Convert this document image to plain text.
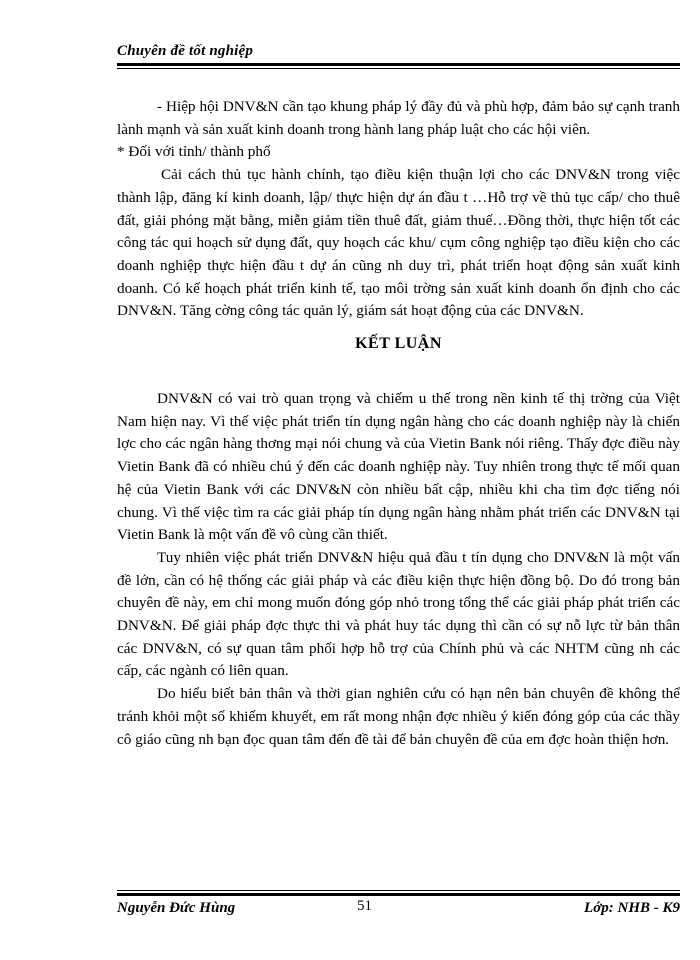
Chuyên đề tốt nghiệp

- Hiệp hội DNV&N cần tạo khung pháp lý đầy đủ và phù hợp, đảm bảo sự cạnh tranh lành mạnh và sản xuất kinh doanh trong hành lang pháp luật cho các hội viên.

* Đối với tỉnh/ thành phố

Cải cách thủ tục hành chính, tạo điều kiện thuận lợi cho các DNV&N trong việc thành lập, đăng kí kinh doanh, lập/ thực hiện dự án đầu t …Hỗ trợ về thủ tục cấp/ cho thuê đất, giải phóng mặt bằng, miễn giảm tiền thuê đất, giảm thuế…Đồng thời, thực hiện tốt các công tác qui hoạch sử dụng đất, quy hoạch các khu/ cụm công nghiệp tạo điều kiện cho các doanh nghiệp thực hiện đầu t dự án cũng nh duy trì, phát triển hoạt động sản xuất kinh doanh. Có kế hoạch phát triển kinh tế, tạo môi trờng sản xuất kinh doanh ổn định cho các DNV&N. Tăng cờng công tác quản lý, giám sát hoạt động của các DNV&N.

KẾT LUẬN

DNV&N có vai trò quan trọng và chiếm u thế trong nền kinh tế thị trờng của Việt Nam hiện nay. Vì thế việc phát triển tín dụng ngân hàng cho các doanh nghiệp này là chiến lợc cho các ngân hàng thơng mại nói chung và của Vietin Bank nói riêng. Thấy đợc điều này Vietin Bank đã có nhiều chú ý đến các doanh nghiệp này. Tuy nhiên trong thực tế mối quan hệ của Vietin Bank với các DNV&N còn nhiều bất cập, nhiều khi cha tìm đợc tiếng nói chung. Vì thế việc tìm ra các giải pháp tín dụng ngân hàng nhằm phát triển các DNV&N tại Vietin Bank là một vấn đề vô cùng cần thiết.

Tuy nhiên việc phát triển DNV&N hiệu quả đầu t tín dụng cho DNV&N là một vấn đề lớn, cần có hệ thống các giải pháp và các điều kiện thực hiện đồng bộ. Do đó trong bản chuyên đề này, em chỉ mong muốn đóng góp nhỏ trong tổng thể các giải pháp phát triển các DNV&N. Để giải pháp đợc thực thi và phát huy tác dụng thì cần có sự nỗ lực từ bản thân các DNV&N, có sự quan tâm phối hợp hỗ trợ của Chính phủ và các NHTM cũng nh các cấp, các ngành có liên quan.

Do hiểu biết bản thân và thời gian nghiên cứu có hạn nên bản chuyên đề không thể tránh khỏi một số khiếm khuyết, em rất mong nhận đợc nhiều ý kiến đóng góp của các thầy cô giáo cũng nh bạn đọc quan tâm đến đề tài để bản chuyên đề của em đợc hoàn thiện hơn.

Nguyễn Đức Hùng	51	Lớp: NHB - K9
